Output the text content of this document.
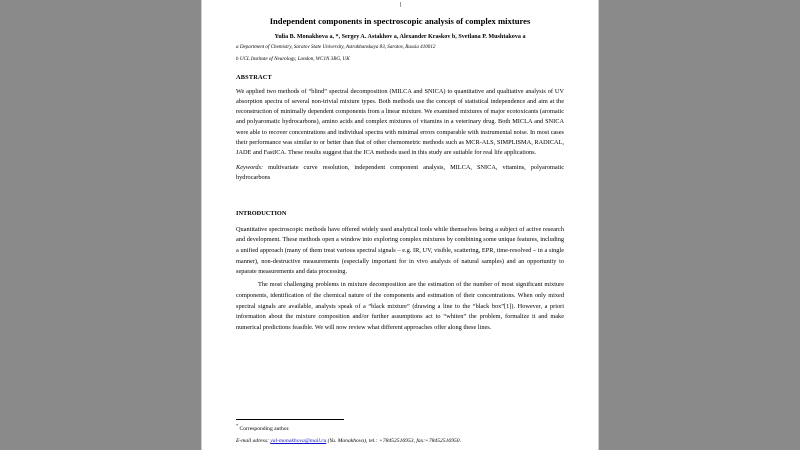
Independent components in spectroscopic analysis of complex mixtures
Yulia B. Monakhova a, *, Sergey A. Astakhov a, Alexander Kraskov b, Svetlana P. Mushtakova a
a Department of Chemistry, Saratov State University, Astrakhanskaya 83, Saratov, Russia 410012
b UCL Institute of Neurology, London, WC1N 3BG, UK
ABSTRACT
We applied two methods of “blind” spectral decomposition (MILCA and SNICA) to quantitative and qualitative analysis of UV absorption spectra of several non-trivial mixture types. Both methods use the concept of statistical independence and aim at the reconstruction of minimally dependent components from a linear mixture. We examined mixtures of major ecotoxicants (aromatic and polyaromatic hydrocarbons), amino acids and complex mixtures of vitamins in a veterinary drug. Both MICLA and SNICA were able to recover concentrations and individual spectra with minimal errors comparable with instrumental noise. In most cases their performance was similar to or better than that of other chemometric methods such as MCR-ALS, SIMPLISMA, RADICAL, JADE and FastICA. These results suggest that the ICA methods used in this study are suitable for real life applications.
Keywords: multivariate curve resolution, independent component analysis, MILCA, SNICA, vitamins, polyaromatic hydrocarbons
INTRODUCTION

Quantitative spectroscopic methods have offered widely used analytical tools while themselves being a subject of active research and development. These methods open a window into exploring complex mixtures by combining some unique features, including a unified approach (many of them treat various spectral signals – e.g. IR, UV, visible, scattering, EPR, time-resolved – in a single manner), non-destructive measurements (especially important for in vivo analysis of natural samples) and an opportunity to separate measurements and data processing.

The most challenging problems in mixture decomposition are the estimation of the number of most significant mixture components, identification of the chemical nature of the components and estimation of their concentrations. When only mixed spectral signals are available, analysts speak of a “black mixture” (drawing a line to the “black box”[1]). However, a priori information about the mixture composition and/or further assumptions act to “whiten” the problem, formalize it and make numerical predictions feasible. We will now review what different approaches offer along these lines.

* Corresponding author.
E-mail adress: yul-monakhova@mail.ru (Yu. Monakhova), tel.: +78452516953, fax:+78452516950.
